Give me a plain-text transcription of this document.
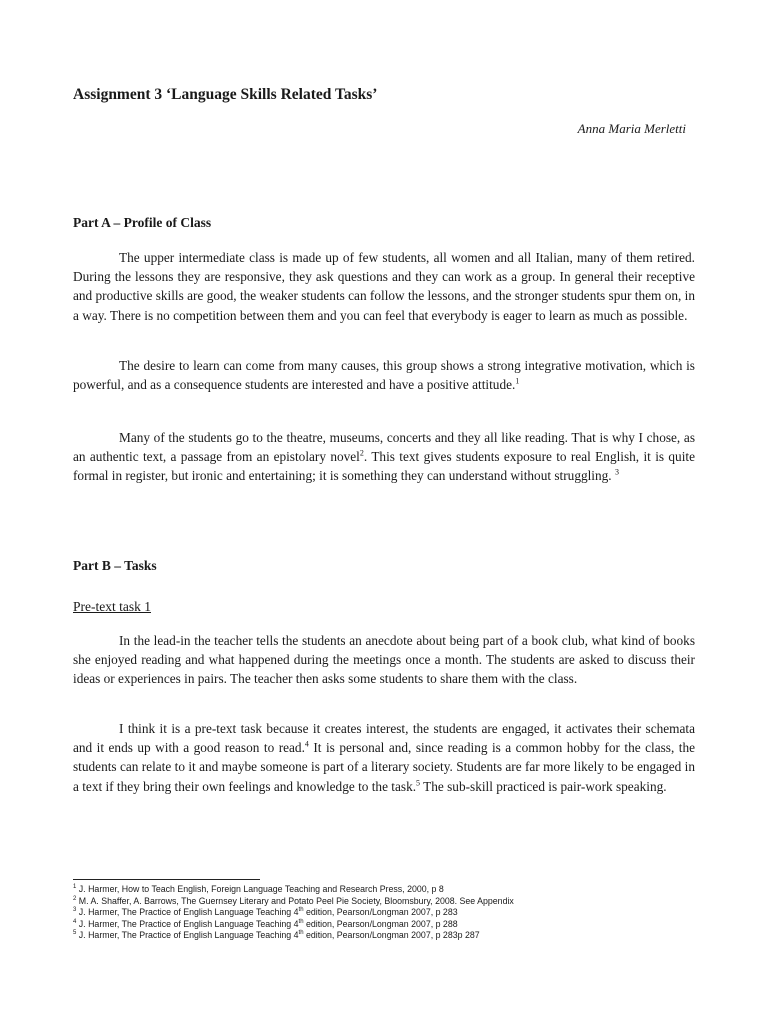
Assignment 3 ‘Language Skills Related Tasks’
Anna Maria Merletti
Part A – Profile of Class

The upper intermediate class is made up of few students, all women and all Italian, many of them retired. During the lessons they are responsive, they ask questions and they can work as a group. In general their receptive and productive skills are good, the weaker students can follow the lessons, and the stronger students spur them on, in a way. There is no competition between them and you can feel that everybody is eager to learn as much as possible.

The desire to learn can come from many causes, this group shows a strong integrative motivation, which is powerful, and as a consequence students are interested and have a positive attitude.$^1$

Many of the students go to the theatre, museums, concerts and they all like reading. That is why I chose, as an authentic text, a passage from an epistolary novel$^2$. This text gives students exposure to real English, it is quite formal in register, but ironic and entertaining; it is something they can understand without struggling. $^3$

Part B – Tasks
Pre-text task 1

In the lead-in the teacher tells the students an anecdote about being part of a book club, what kind of books she enjoyed reading and what happened during the meetings once a month. The students are asked to discuss their ideas or experiences in pairs. The teacher then asks some students to share them with the class.

I think it is a pre-text task because it creates interest, the students are engaged, it activates their schemata and it ends up with a good reason to read.$^4$ It is personal and, since reading is a common hobby for the class, the students can relate to it and maybe someone is part of a literary society. Students are far more likely to be engaged in a text if they bring their own feelings and knowledge to the task.$^5$ The sub-skill practiced is pair-work speaking.

$^1$ J. Harmer, How to Teach English, Foreign Language Teaching and Research Press, 2000, p 8
$^2$ M. A. Shaffer, A. Barrows, The Guernsey Literary and Potato Peel Pie Society, Bloomsbury, 2008. See Appendix
$^3$ J. Harmer, The Practice of English Language Teaching 4th edition, Pearson/Longman 2007, p 283
$^4$ J. Harmer, The Practice of English Language Teaching 4th edition, Pearson/Longman 2007, p 288
$^5$ J. Harmer, The Practice of English Language Teaching 4th edition, Pearson/Longman 2007, p 283p 287
